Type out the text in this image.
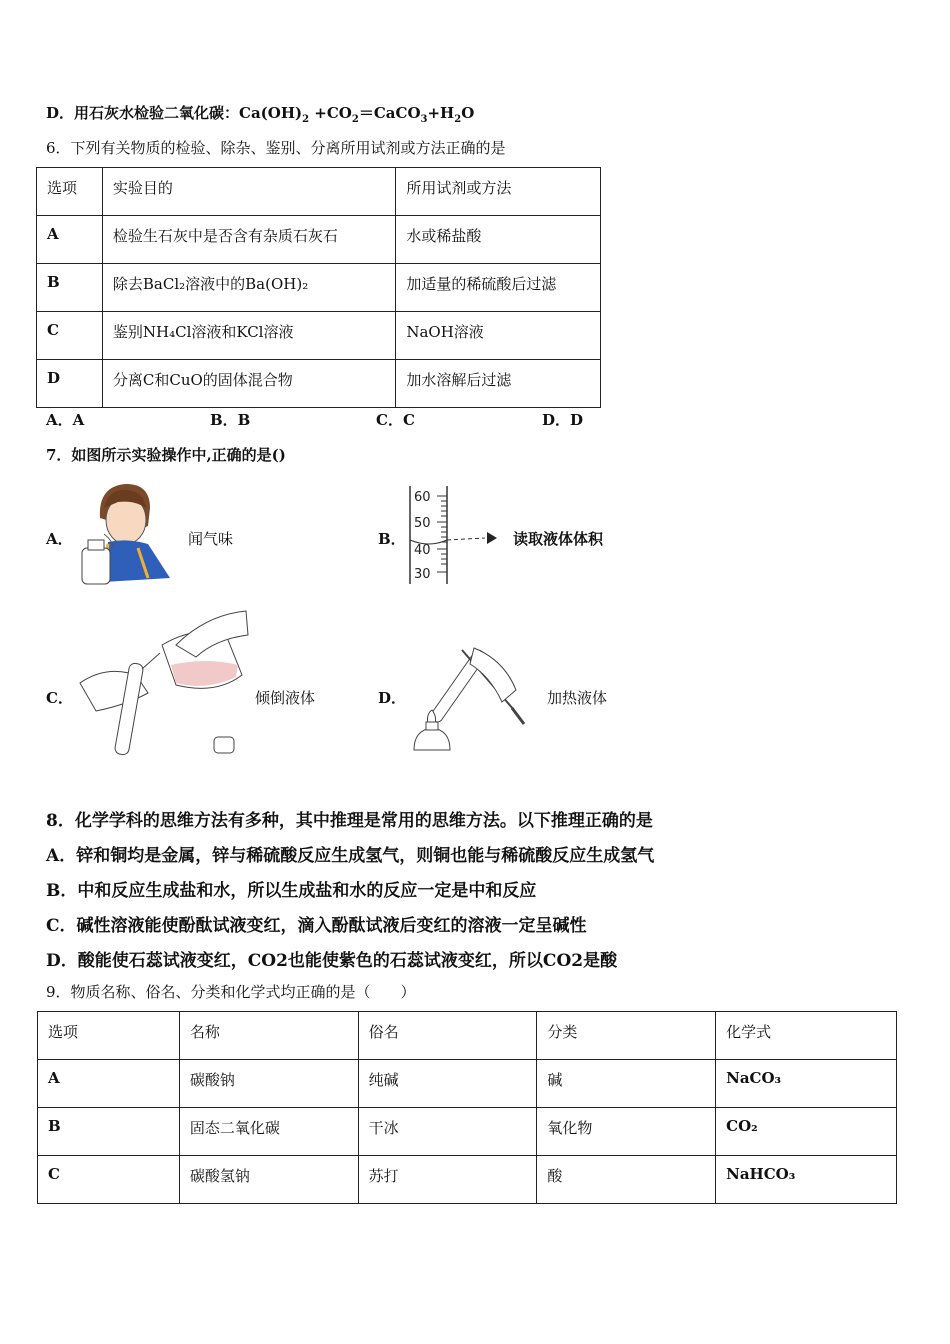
D．用石灰水检验二氧化碳：$Ca(OH)_2$ $+CO_2=CaCO_3+H_2O$
6．下列有关物质的检验、除杂、鉴别、分离所用试剂或方法正确的是
选项	实验目的	所用试剂或方法
A	检验生石灰中是否含有杂质石灰石	水或稀盐酸
B	除去BaCl₂溶液中的Ba(OH)₂	加适量的稀硫酸后过滤
C	鉴别NH₄Cl溶液和KCl溶液	NaOH溶液
D	分离C和CuO的固体混合物	加水溶解后过滤
A．A	B．B	C．C	D．D
7．如图所示实验操作中,正确的是()
A．	闻气味	B．
60
50
40
30
读取液体体积
C．	倾倒液体	D．	加热液体
8．化学学科的思维方法有多种，其中推理是常用的思维方法。以下推理正确的是
A．锌和铜均是金属，锌与稀硫酸反应生成氢气，则铜也能与稀硫酸反应生成氢气
B．中和反应生成盐和水，所以生成盐和水的反应一定是中和反应
C．碱性溶液能使酚酞试液变红，滴入酚酞试液后变红的溶液一定呈碱性
D．酸能使石蕊试液变红，CO2也能使紫色的石蕊试液变红，所以CO2是酸
9．物质名称、俗名、分类和化学式均正确的是（　　）
选项	名称	俗名	分类	化学式
A	碳酸钠	纯碱	碱	NaCO₃
B	固态二氧化碳	干冰	氧化物	CO₂
C	碳酸氢钠	苏打	酸	NaHCO₃
